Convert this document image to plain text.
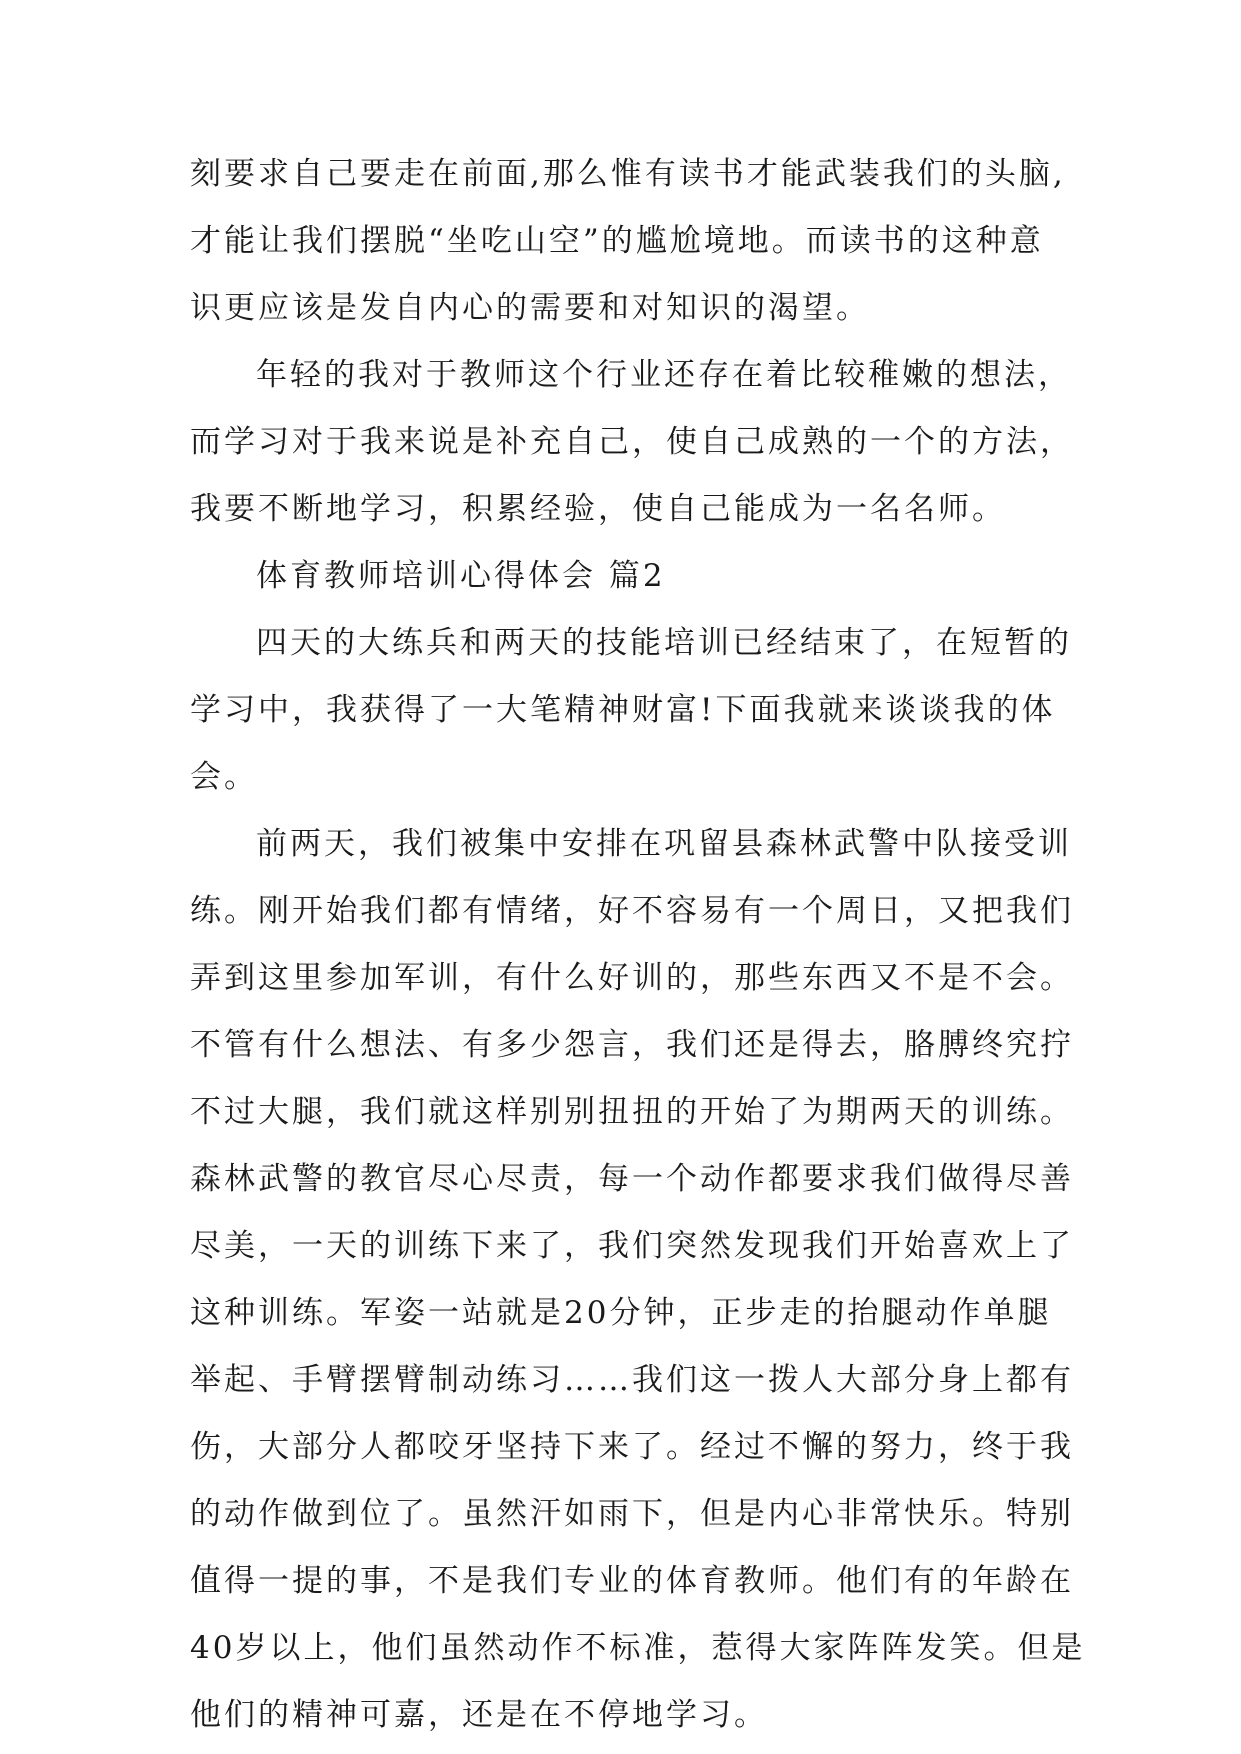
刻要求自己要走在前面,那么惟有读书才能武装我们的头脑,
才能让我们摆脱“坐吃山空”的尴尬境地。而读书的这种意
识更应该是发自内心的需要和对知识的渴望。
年轻的我对于教师这个行业还存在着比较稚嫩的想法，
而学习对于我来说是补充自己，使自己成熟的一个的方法，
我要不断地学习，积累经验，使自己能成为一名名师。
体育教师培训心得体会 篇2
四天的大练兵和两天的技能培训已经结束了，在短暂的
学习中，我获得了一大笔精神财富!下面我就来谈谈我的体
会。
前两天，我们被集中安排在巩留县森林武警中队接受训
练。刚开始我们都有情绪，好不容易有一个周日，又把我们
弄到这里参加军训，有什么好训的，那些东西又不是不会。
不管有什么想法、有多少怨言，我们还是得去，胳膊终究拧
不过大腿，我们就这样别别扭扭的开始了为期两天的训练。
森林武警的教官尽心尽责，每一个动作都要求我们做得尽善
尽美，一天的训练下来了，我们突然发现我们开始喜欢上了
这种训练。军姿一站就是20分钟，正步走的抬腿动作单腿
举起、手臂摆臂制动练习……我们这一拨人大部分身上都有
伤，大部分人都咬牙坚持下来了。经过不懈的努力，终于我
的动作做到位了。虽然汗如雨下，但是内心非常快乐。特别
值得一提的事，不是我们专业的体育教师。他们有的年龄在
40岁以上，他们虽然动作不标准，惹得大家阵阵发笑。但是
他们的精神可嘉，还是在不停地学习。
